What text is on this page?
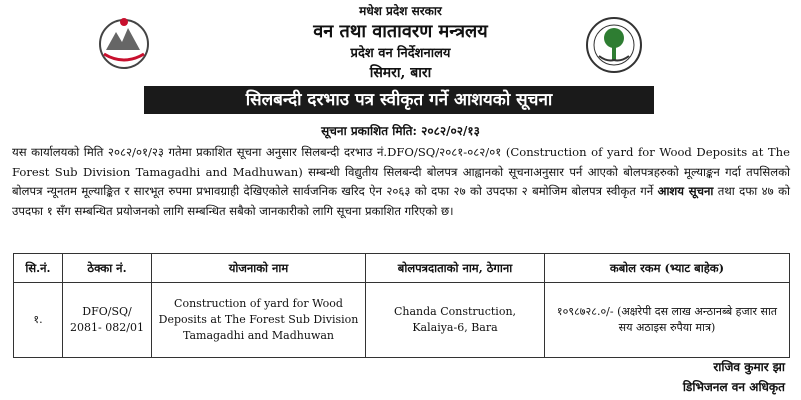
मधेश प्रदेश सरकार
वन तथा वातावरण मन्त्रलय
प्रदेश वन निर्देशनालय
सिमरा, बारा
सिलबन्दी दरभाउ पत्र स्वीकृत गर्ने आशयको सूचना
सूचना प्रकाशित मिति: २०८२/०२/१३
यस कार्यालयको मिति २०८२/०१/२३ गतेमा प्रकाशित सूचना अनुसार सिलबन्दी दरभाउ नं.DFO/SQ/२०८१-०८२/०१ (Construction of yard for Wood Deposits at The Forest Sub Division Tamagadhi and Madhuwan) सम्बन्धी विद्युतीय सिलबन्दी बोलपत्र आह्वानको सूचनाअनुसार पर्न आएको बोलपत्रहरुको मूल्याङ्कन गर्दा तपसिलको बोलपत्र न्यूनतम मूल्याङ्कित र सारभूत रुपमा प्रभावग्राही देखिएकोले सार्वजनिक खरिद ऐन २०६३ को दफा २७ को उपदफा २ बमोजिम बोलपत्र स्वीकृत गर्ने आशय सूचना तथा दफा ४७ को उपदफा १ सँग सम्बन्धित प्रयोजनको लागि सम्बन्धित सबैको जानकारीको लागि सूचना प्रकाशित गरिएको छ।
सि.नं.	ठेक्का नं.	योजनाको नाम	बोलपत्रदाताको नाम, ठेगाना	कबोल रकम (भ्याट बाहेक)
१.	DFO/SQ/ 2081- 082/01	Construction of yard for Wood Deposits at The Forest Sub Division Tamagadhi and Madhuwan	Chanda Construction, Kalaiya-6, Bara	१०९८७२८.०/- (अक्षरेपी दस लाख अन्ठानब्बे हजार सात सय अठाइस रुपैया मात्र)
राजिव कुमार झा
डिभिजनल वन अधिकृत
